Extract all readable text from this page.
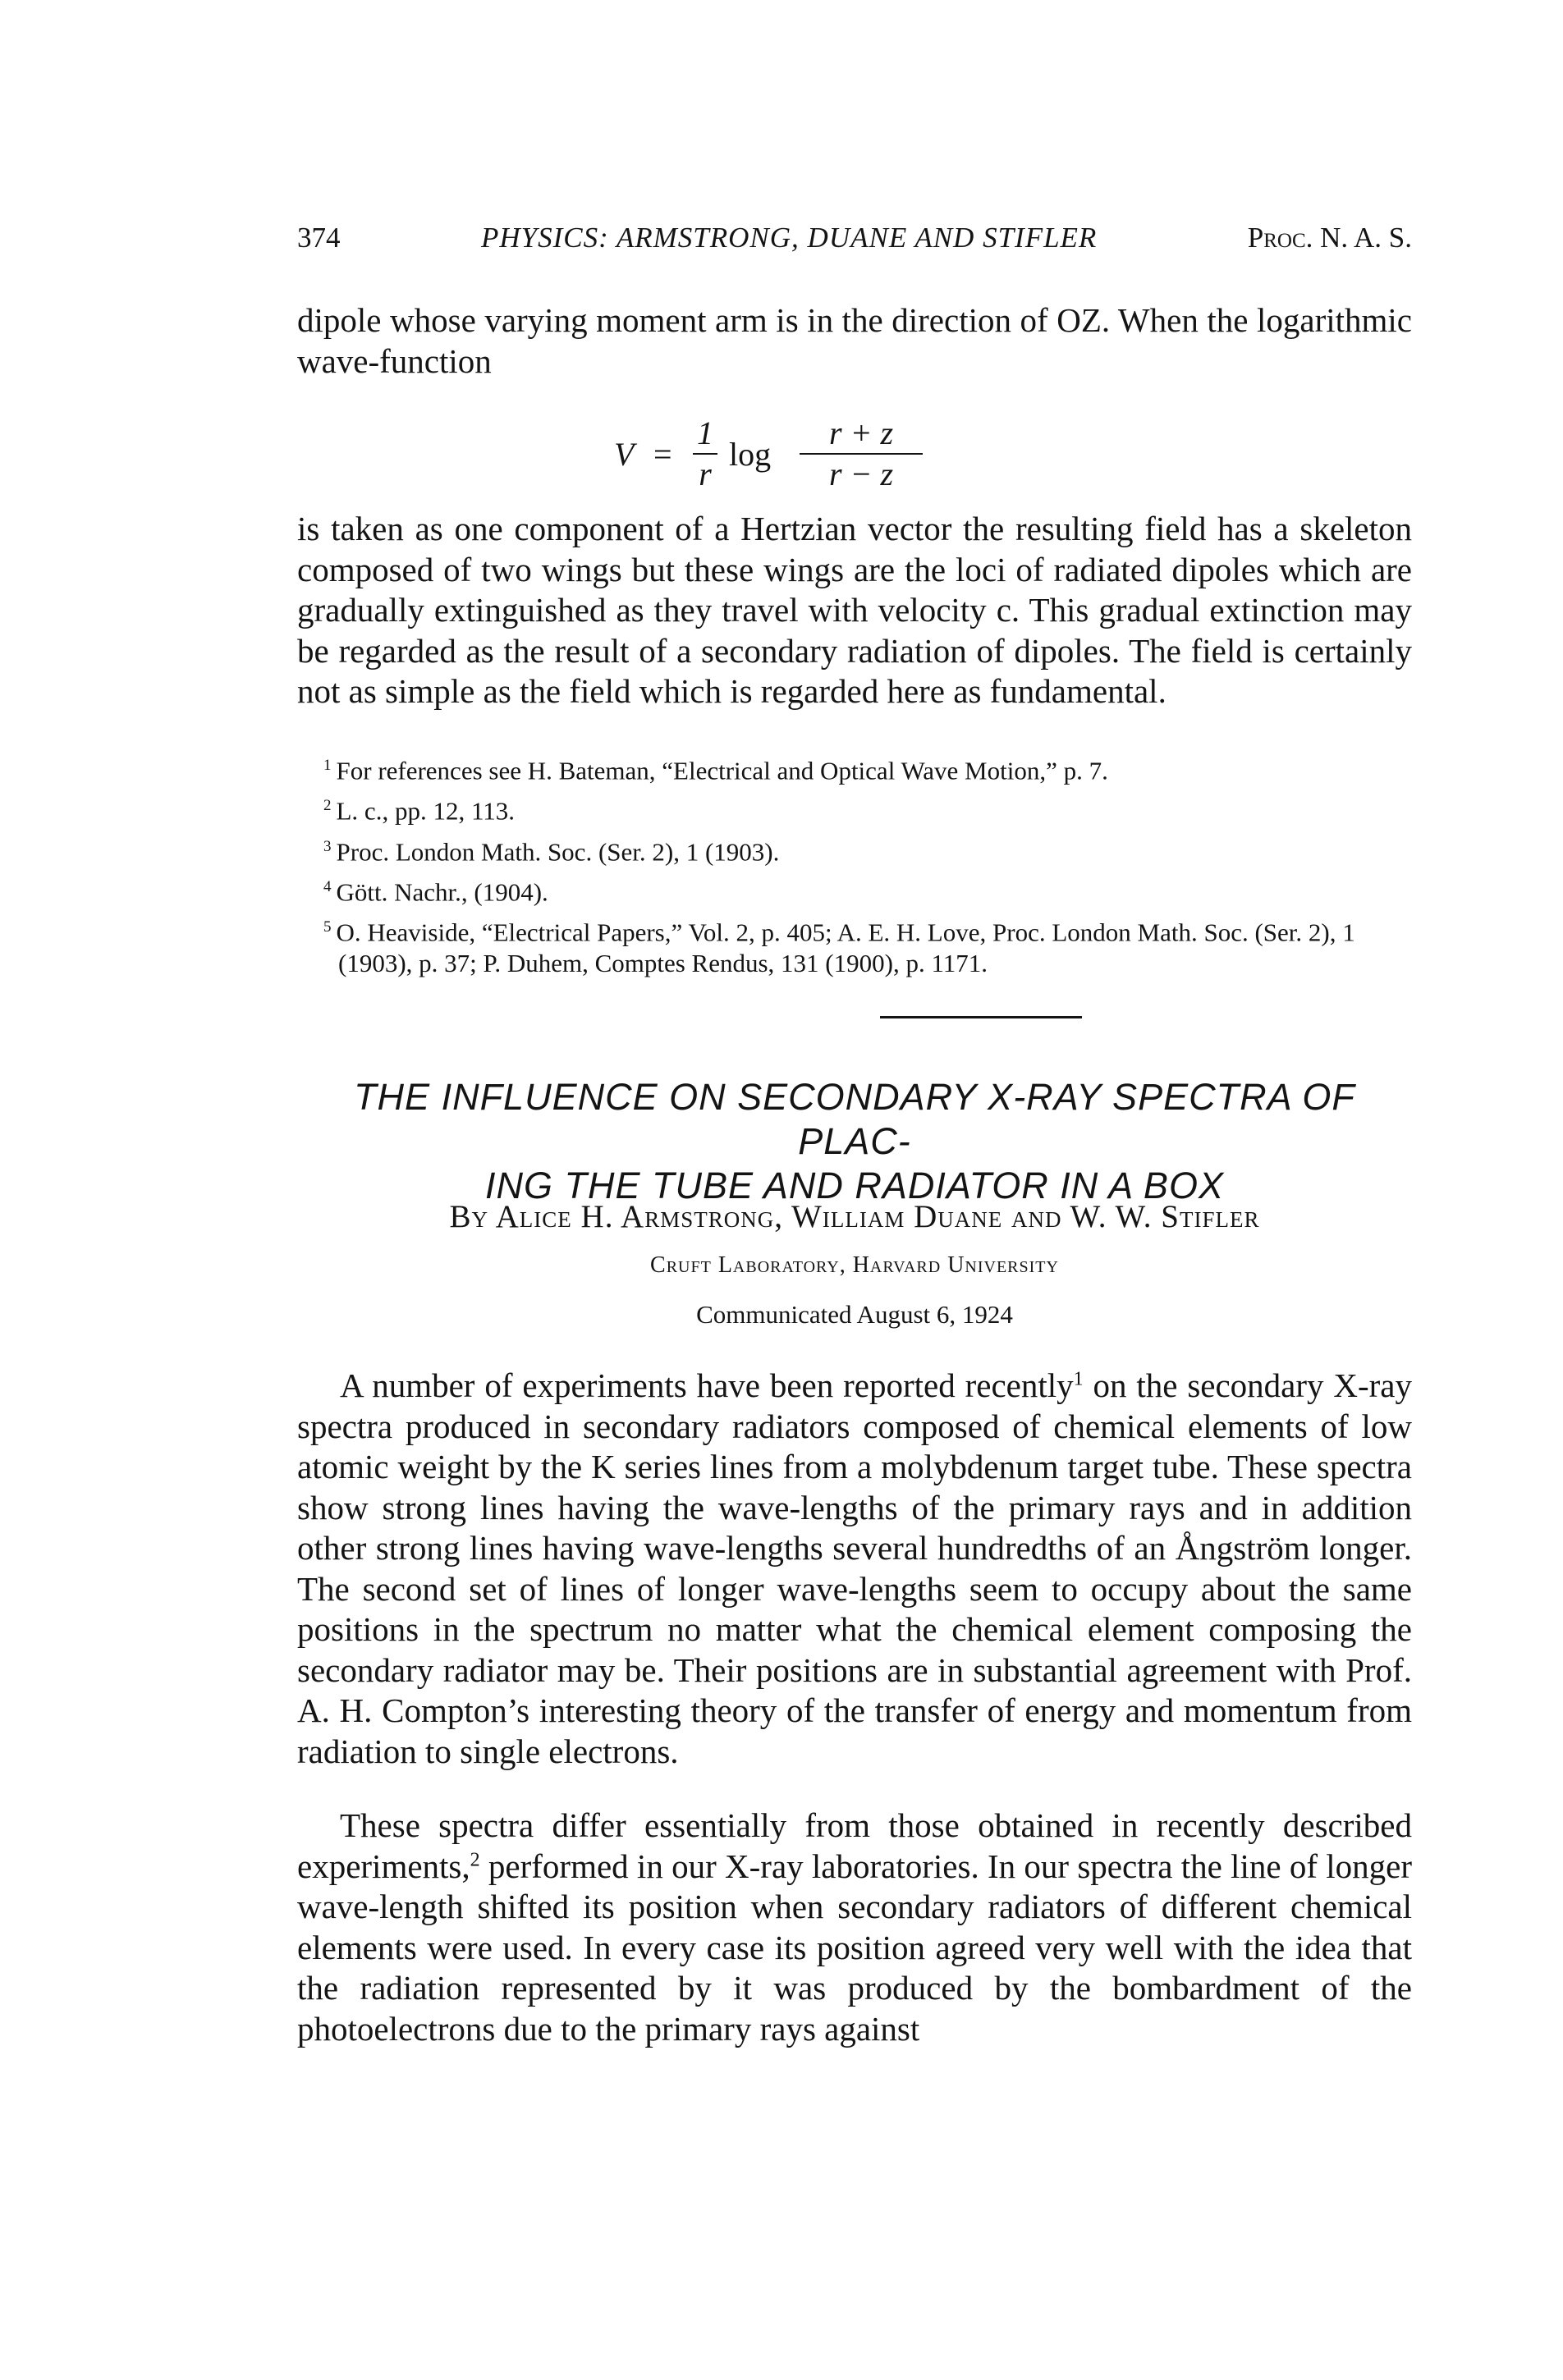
374	PHYSICS: ARMSTRONG, DUANE AND STIFLER	Proc. N. A. S.

dipole whose varying moment arm is in the direction of OZ. When the logarithmic wave-function

V =
1
r
log
r + z
r − z

is taken as one component of a Hertzian vector the resulting field has a skeleton composed of two wings but these wings are the loci of radiated dipoles which are gradually extinguished as they travel with velocity c. This gradual extinction may be regarded as the result of a secondary radiation of dipoles. The field is certainly not as simple as the field which is regarded here as fundamental.

$^1$ For references see H. Bateman, “Electrical and Optical Wave Motion,” p. 7.

$^2$ L. c., pp. 12, 113.

$^3$ Proc. London Math. Soc. (Ser. 2), 1 (1903).

$^4$ Gött. Nachr., (1904).

$^5$ O. Heaviside, “Electrical Papers,” Vol. 2, p. 405; A. E. H. Love, Proc. London Math. Soc. (Ser. 2), 1 (1903), p. 37; P. Duhem, Comptes Rendus, 131 (1900), p. 1171.

THE INFLUENCE ON SECONDARY X-RAY SPECTRA OF PLAC-
ING THE TUBE AND RADIATOR IN A BOX
By Alice H. Armstrong, William Duane and W. W. Stifler
Cruft Laboratory, Harvard University
Communicated August 6, 1924

A number of experiments have been reported recently$^1$ on the secondary X-ray spectra produced in secondary radiators composed of chemical elements of low atomic weight by the K series lines from a molybdenum target tube. These spectra show strong lines having the wave-lengths of the primary rays and in addition other strong lines having wave-lengths several hundredths of an Ångström longer. The second set of lines of longer wave-lengths seem to occupy about the same positions in the spectrum no matter what the chemical element composing the secondary radiator may be. Their positions are in substantial agreement with Prof. A. H. Compton’s interesting theory of the transfer of energy and momentum from radiation to single electrons.

These spectra differ essentially from those obtained in recently described experiments,$^2$ performed in our X-ray laboratories. In our spectra the line of longer wave-length shifted its position when secondary radiators of different chemical elements were used. In every case its position agreed very well with the idea that the radiation represented by it was produced by the bombardment of the photoelectrons due to the primary rays against
